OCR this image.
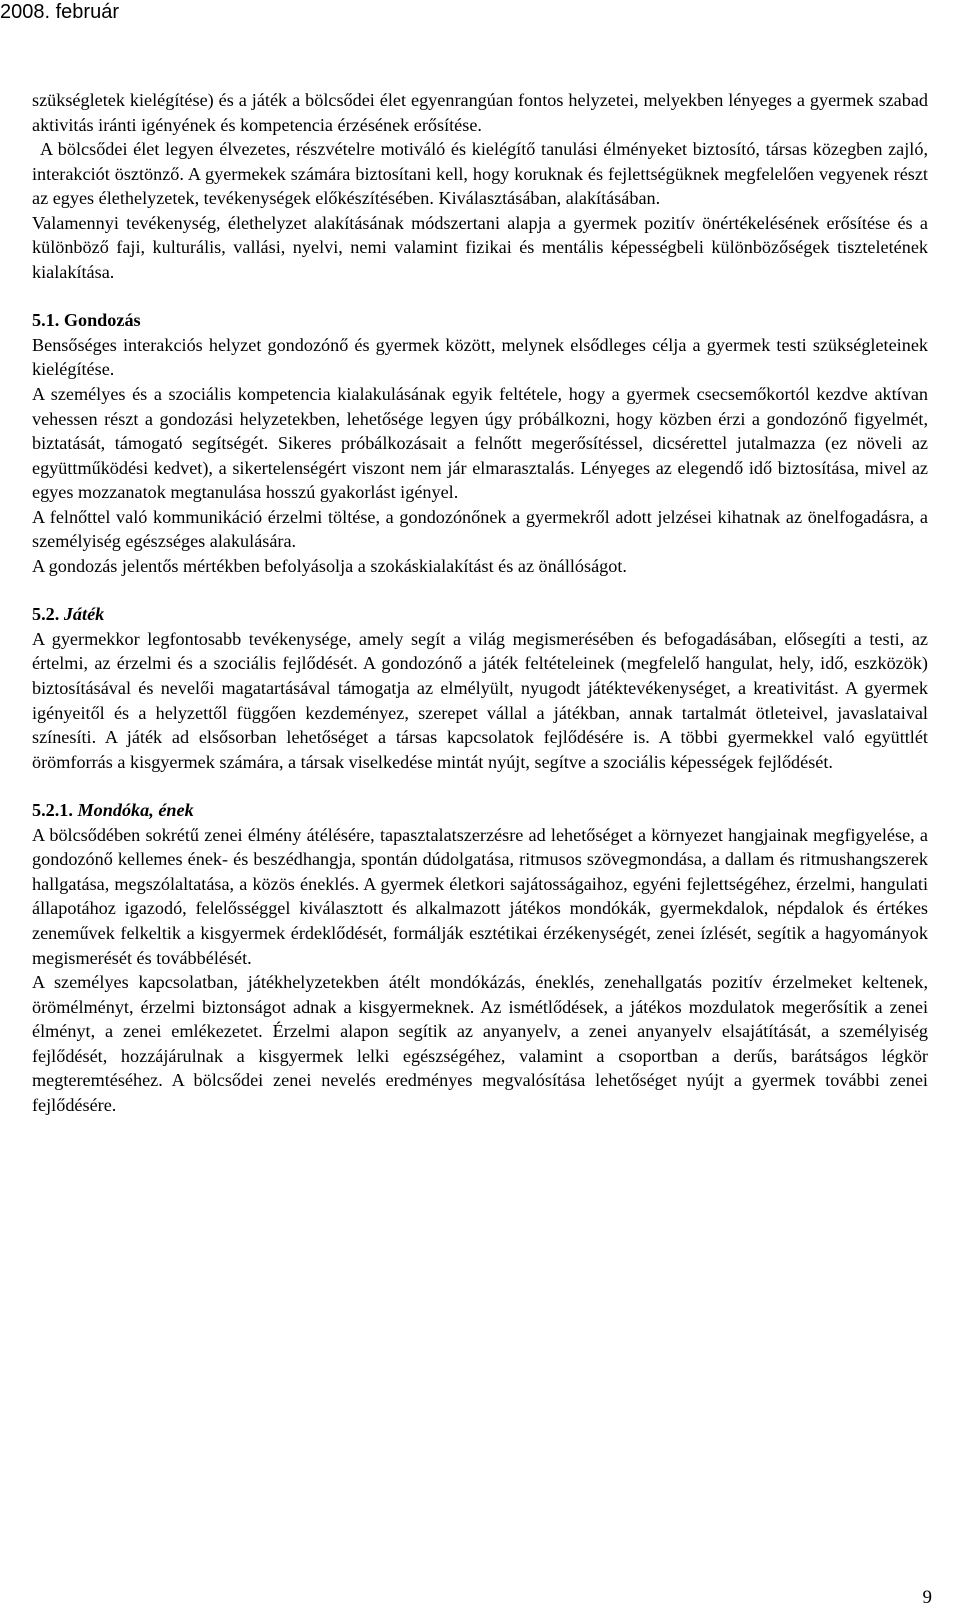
2008. február

szükségletek kielégítése) és a játék a bölcsődei élet egyenrangúan fontos helyzetei, melyekben lényeges a gyermek szabad aktivitás iránti igényének és kompetencia érzésének erősítése.

A bölcsődei élet legyen élvezetes, részvételre motiváló és kielégítő tanulási élményeket biztosító, társas közegben zajló, interakciót ösztönző. A gyermekek számára biztosítani kell, hogy koruknak és fejlettségüknek megfelelően vegyenek részt az egyes élethelyzetek, tevékenységek előkészítésében. Kiválasztásában, alakításában.

Valamennyi tevékenység, élethelyzet alakításának módszertani alapja a gyermek pozitív önértékelésének erősítése és a különböző faji, kulturális, vallási, nyelvi, nemi valamint fizikai és mentális képességbeli különbözőségek tiszteletének kialakítása.

5.1. Gondozás

Bensőséges interakciós helyzet gondozónő és gyermek között, melynek elsődleges célja a gyermek testi szükségleteinek kielégítése.

A személyes és a szociális kompetencia kialakulásának egyik feltétele, hogy a gyermek csecsemőkortól kezdve aktívan vehessen részt a gondozási helyzetekben, lehetősége legyen úgy próbálkozni, hogy közben érzi a gondozónő figyelmét, biztatását, támogató segítségét. Sikeres próbálkozásait a felnőtt megerősítéssel, dicsérettel jutalmazza (ez növeli az együttműködési kedvet), a sikertelenségért viszont nem jár elmarasztalás. Lényeges az elegendő idő biztosítása, mivel az egyes mozzanatok megtanulása hosszú gyakorlást igényel.

A felnőttel való kommunikáció érzelmi töltése, a gondozónőnek a gyermekről adott jelzései kihatnak az önelfogadásra, a személyiség egészséges alakulására.

A gondozás jelentős mértékben befolyásolja a szokáskialakítást és az önállóságot.

5.2. Játék

A gyermekkor legfontosabb tevékenysége, amely segít a világ megismerésében és befogadásában, elősegíti a testi, az értelmi, az érzelmi és a szociális fejlődését. A gondozónő a játék feltételeinek (megfelelő hangulat, hely, idő, eszközök) biztosításával és nevelői magatartásával támogatja az elmélyült, nyugodt játéktevékenységet, a kreativitást. A gyermek igényeitől és a helyzettől függően kezdeményez, szerepet vállal a játékban, annak tartalmát ötleteivel, javaslataival színesíti. A játék ad elsősorban lehetőséget a társas kapcsolatok fejlődésére is. A többi gyermekkel való együttlét örömforrás a kisgyermek számára, a társak viselkedése mintát nyújt, segítve a szociális képességek fejlődését.

5.2.1. Mondóka, ének

A bölcsődében sokrétű zenei élmény átélésére, tapasztalatszerzésre ad lehetőséget a környezet hangjainak megfigyelése, a gondozónő kellemes ének- és beszédhangja, spontán dúdolgatása, ritmusos szövegmondása, a dallam és ritmushangszerek hallgatása, megszólaltatása, a közös éneklés. A gyermek életkori sajátosságaihoz, egyéni fejlettségéhez, érzelmi, hangulati állapotához igazodó, felelősséggel kiválasztott és alkalmazott játékos mondókák, gyermekdalok, népdalok és értékes zeneművek felkeltik a kisgyermek érdeklődését, formálják esztétikai érzékenységét, zenei ízlését, segítik a hagyományok megismerését és továbbélését.

A személyes kapcsolatban, játékhelyzetekben átélt mondókázás, éneklés, zenehallgatás pozitív érzelmeket keltenek, örömélményt, érzelmi biztonságot adnak a kisgyermeknek. Az ismétlődések, a játékos mozdulatok megerősítik a zenei élményt, a zenei emlékezetet. Érzelmi alapon segítik az anyanyelv, a zenei anyanyelv elsajátítását, a személyiség fejlődését, hozzájárulnak a kisgyermek lelki egészségéhez, valamint a csoportban a derűs, barátságos légkör megteremtéséhez. A bölcsődei zenei nevelés eredményes megvalósítása lehetőséget nyújt a gyermek további zenei fejlődésére.

9
